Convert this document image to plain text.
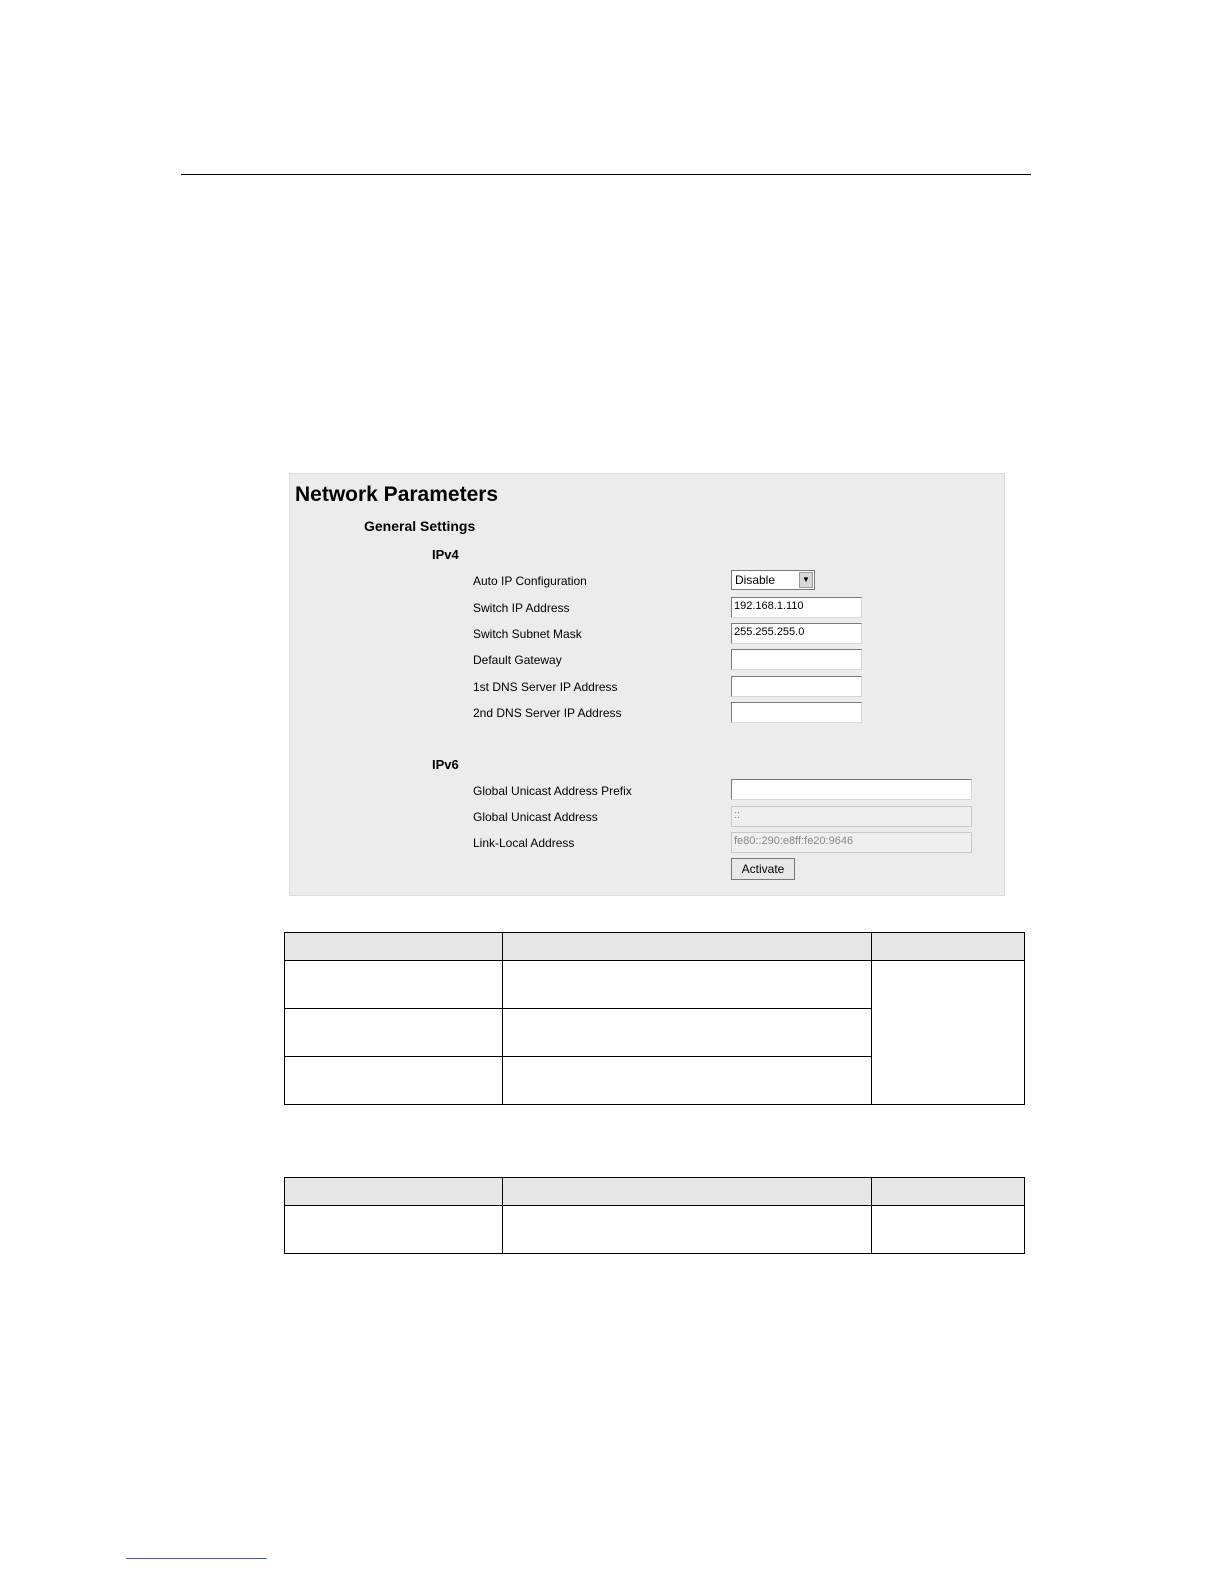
Network Parameters
General Settings
IPv4
Auto IP Configuration	Disable	▼
Switch IP Address	192.168.1.110
Switch Subnet Mask	255.255.255.0
Default Gateway
1st DNS Server IP Address
2nd DNS Server IP Address
IPv6
Global Unicast Address Prefix
Global Unicast Address	::
Link-Local Address	fe80::290:e8ff:fe20:9646
Activate
